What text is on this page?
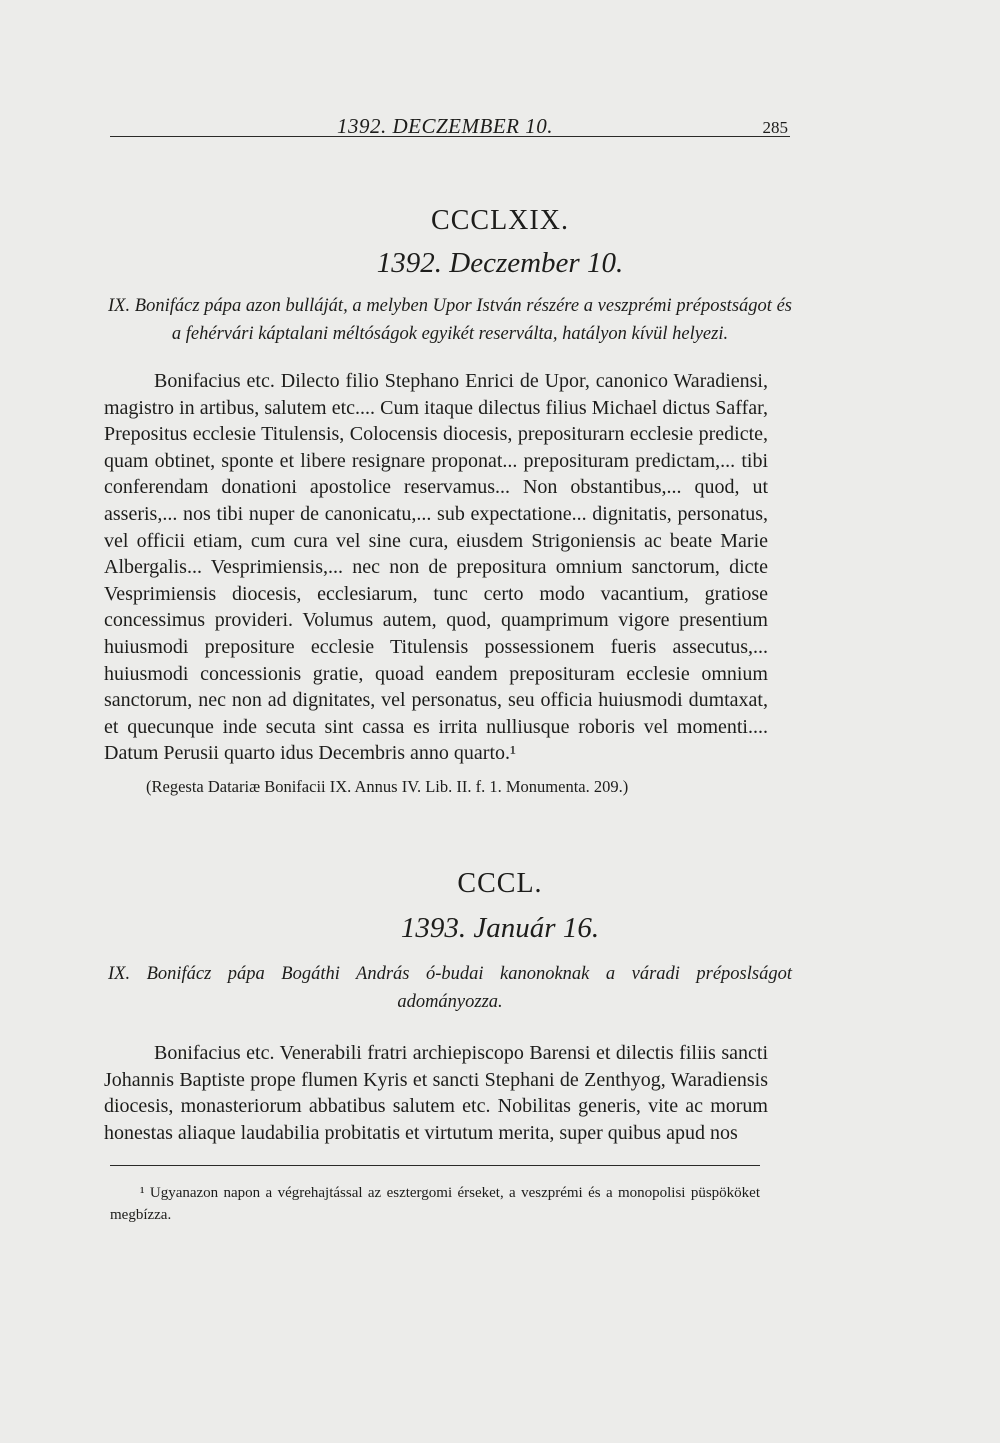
1392. DECZEMBER 10.	285
CCCLXIX.
1392. Deczember 10.
IX. Bonifácz pápa azon bulláját, a melyben Upor István részére a veszprémi prépostságot és a fehérvári káptalani méltóságok egyikét reserválta, hatályon kívül helyezi.
Bonifacius etc. Dilecto filio Stephano Enrici de Upor, canonico Waradiensi, magistro in artibus, salutem etc.... Cum itaque dilectus filius Michael dictus Saffar, Prepositus ecclesie Titulensis, Colocensis diocesis, prepositurarn ecclesie predicte, quam obtinet, sponte et libere resignare proponat... preposituram predictam,... tibi conferendam donationi apostolice reservamus... Non obstantibus,... quod, ut asseris,... nos tibi nuper de canonicatu,... sub expectatione... dignitatis, personatus, vel officii etiam, cum cura vel sine cura, eiusdem Strigoniensis ac beate Marie Albergalis... Vesprimiensis,... nec non de prepositura omnium sanctorum, dicte Vesprimiensis diocesis, ecclesiarum, tunc certo modo vacantium, gratiose concessimus provideri. Volumus autem, quod, quamprimum vigore presentium huiusmodi prepositure ecclesie Titulensis possessionem fueris assecutus,... huiusmodi concessionis gratie, quoad eandem preposituram ecclesie omnium sanctorum, nec non ad dignitates, vel personatus, seu officia huiusmodi dumtaxat, et quecunque inde secuta sint cassa es irrita nulliusque roboris vel momenti.... Datum Perusii quarto idus Decembris anno quarto.¹
(Regesta Datariæ Bonifacii IX. Annus IV. Lib. II. f. 1. Monumenta. 209.)
CCCL.
1393. Január 16.
IX. Bonifácz pápa Bogáthi András ó-budai kanonoknak a váradi préposlságot adományozza.
Bonifacius etc. Venerabili fratri archiepiscopo Barensi et dilectis filiis sancti Johannis Baptiste prope flumen Kyris et sancti Stephani de Zenthyog, Waradiensis diocesis, monasteriorum abbatibus salutem etc. Nobilitas generis, vite ac morum honestas aliaque laudabilia probitatis et virtutum merita, super quibus apud nos
¹ Ugyanazon napon a végrehajtással az esztergomi érseket, a veszprémi és a monopolisi püspököket megbízza.
